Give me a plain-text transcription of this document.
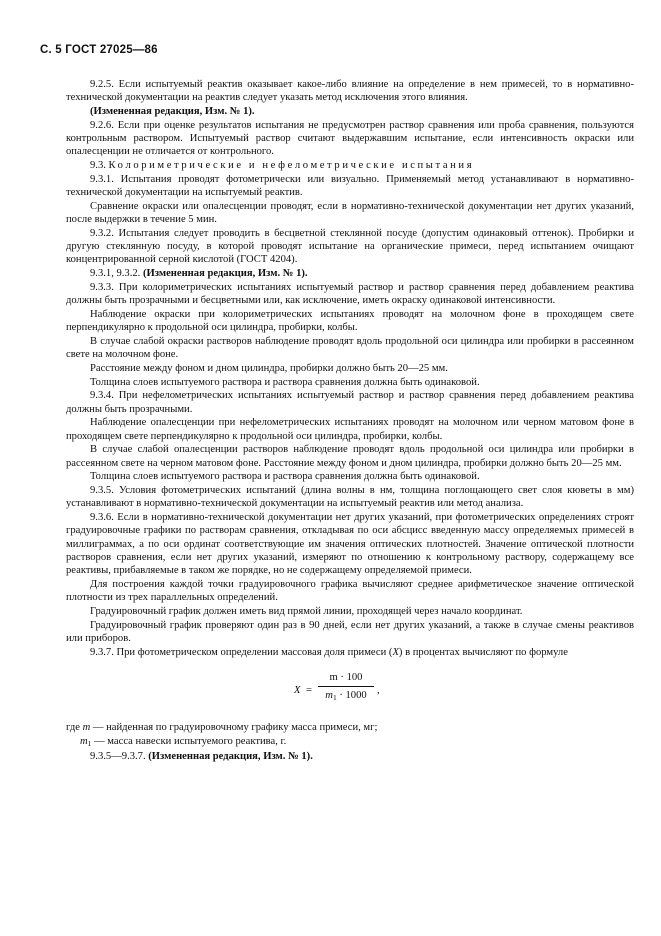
С. 5 ГОСТ 27025—86

9.2.5. Если испытуемый реактив оказывает какое-либо влияние на определение в нем примесей, то в нормативно-технической документации на реактив следует указать метод исключения этого влияния.

(Измененная редакция, Изм. № 1).

9.2.6. Если при оценке результатов испытания не предусмотрен раствор сравнения или проба сравнения, пользуются контрольным раствором. Испытуемый раствор считают выдержавшим испытание, если интенсивность окраски или опалесценции не отличается от контрольного.

9.3. Колориметрические и нефелометрические испытания

9.3.1. Испытания проводят фотометрически или визуально. Применяемый метод устанавливают в нормативно-технической документации на испытуемый реактив.

Сравнение окраски или опалесценции проводят, если в нормативно-технической документации нет других указаний, после выдержки в течение 5 мин.

9.3.2. Испытания следует проводить в бесцветной стеклянной посуде (допустим одинаковый оттенок). Пробирки и другую стеклянную посуду, в которой проводят испытание на органические примеси, перед испытанием очищают концентрированной серной кислотой (ГОСТ 4204).

9.3.1, 9.3.2. (Измененная редакция, Изм. № 1).

9.3.3. При колориметрических испытаниях испытуемый раствор и раствор сравнения перед добавлением реактива должны быть прозрачными и бесцветными или, как исключение, иметь окраску одинаковой интенсивности.

Наблюдение окраски при колориметрических испытаниях проводят на молочном фоне в проходящем свете перпендикулярно к продольной оси цилиндра, пробирки, колбы.

В случае слабой окраски растворов наблюдение проводят вдоль продольной оси цилиндра или пробирки в рассеянном свете на молочном фоне.

Расстояние между фоном и дном цилиндра, пробирки должно быть 20—25 мм.

Толщина слоев испытуемого раствора и раствора сравнения должна быть одинаковой.

9.3.4. При нефелометрических испытаниях испытуемый раствор и раствор сравнения перед добавлением реактива должны быть прозрачными.

Наблюдение опалесценции при нефелометрических испытаниях проводят на молочном или черном матовом фоне в проходящем свете перпендикулярно к продольной оси цилиндра, пробирки, колбы.

В случае слабой опалесценции растворов наблюдение проводят вдоль продольной оси цилиндра или пробирки в рассеянном свете на черном матовом фоне. Расстояние между фоном и дном цилиндра, пробирки должно быть 20—25 мм.

Толщина слоев испытуемого раствора и раствора сравнения должна быть одинаковой.

9.3.5. Условия фотометрических испытаний (длина волны в нм, толщина поглощающего свет слоя кюветы в мм) устанавливают в нормативно-технической документации на испытуемый реактив или метод анализа.

9.3.6. Если в нормативно-технической документации нет других указаний, при фотометрических определениях строят градуировочные графики по растворам сравнения, откладывая по оси абсцисс введенную массу определяемых примесей в миллиграммах, а по оси ординат соответствующие им значения оптических плотностей. Значение оптической плотности растворов сравнения, если нет других указаний, измеряют по отношению к контрольному раствору, содержащему все реактивы, прибавляемые в таком же порядке, но не содержащему определяемой примеси.

Для построения каждой точки градуировочного графика вычисляют среднее арифметическое значение оптической плотности из трех параллельных определений.

Градуировочный график должен иметь вид прямой линии, проходящей через начало координат.

Градуировочный график проверяют один раз в 90 дней, если нет других указаний, а также в случае смены реактивов или приборов.

9.3.7. При фотометрическом определении массовая доля примеси (X) в процентах вычисляют по формуле

X =
m · 100
$m_1 \cdot 1000$ ,

где m — найденная по градуировочному графику масса примеси, мг;

$m_1$ — масса навески испытуемого реактива, г.

9.3.5—9.3.7. (Измененная редакция, Изм. № 1).
